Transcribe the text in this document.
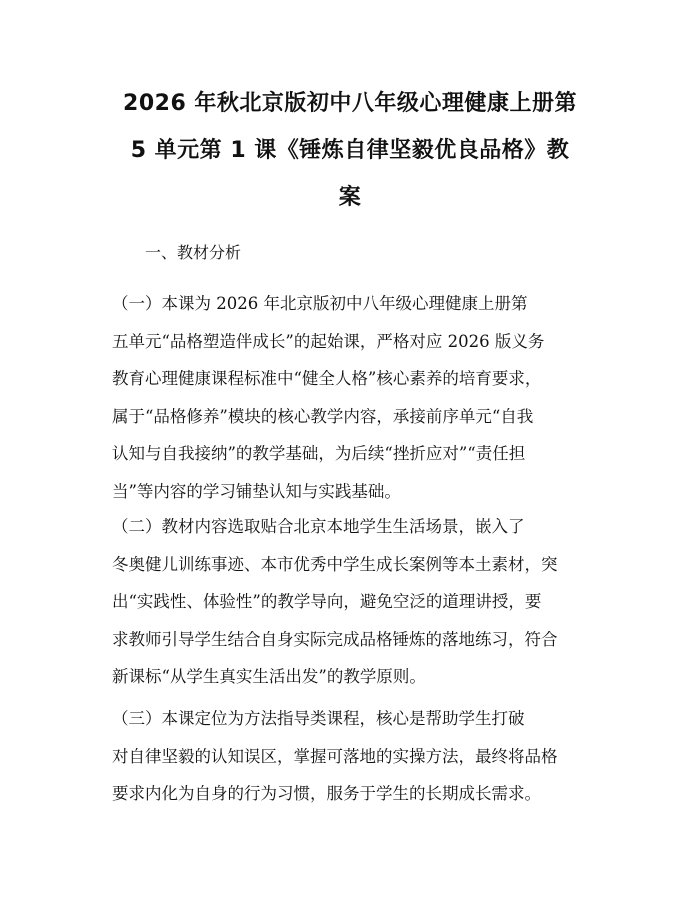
2026 年秋北京版初中八年级心理健康上册第
5 单元第 1 课《锤炼自律坚毅优良品格》教
案

一、教材分析

（一）本课为 2026 年北京版初中八年级心理健康上册第
五单元“品格塑造伴成长”的起始课，严格对应 2026 版义务
教育心理健康课程标准中“健全人格”核心素养的培育要求，
属于“品格修养”模块的核心教学内容，承接前序单元“自我
认知与自我接纳”的教学基础，为后续“挫折应对”“责任担
当”等内容的学习铺垫认知与实践基础。
（二）教材内容选取贴合北京本地学生生活场景，嵌入了
冬奥健儿训练事迹、本市优秀中学生成长案例等本土素材，突
出“实践性、体验性”的教学导向，避免空泛的道理讲授，要
求教师引导学生结合自身实际完成品格锤炼的落地练习，符合
新课标“从学生真实生活出发”的教学原则。
（三）本课定位为方法指导类课程，核心是帮助学生打破
对自律坚毅的认知误区，掌握可落地的实操方法，最终将品格
要求内化为自身的行为习惯，服务于学生的长期成长需求。
